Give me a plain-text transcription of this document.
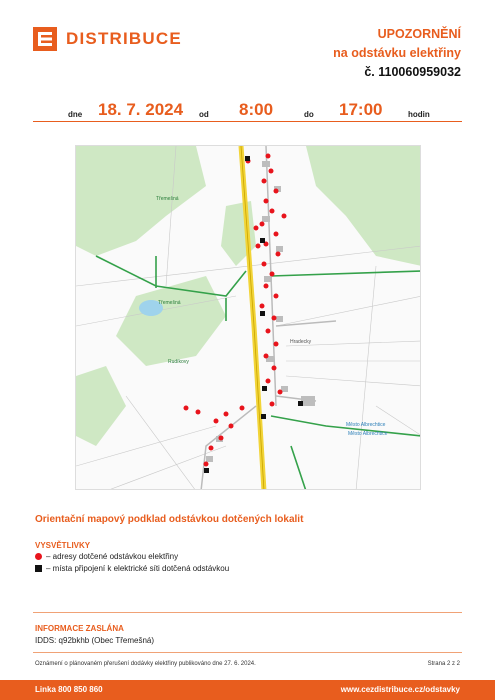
DISTRIBUCE	UPOZORNĚNÍ
na odstávku elektřiny
č. 110060959032
dne 18. 7. 2024 od 8:00	do 17:00	hodin
Třemešná
Třemešná
Rudíkovy
Hradecky
Město Albrechtice
Město Albrechtice
Orientační mapový podklad odstávkou dotčených lokalit
VYSVĚTLIVKY
– adresy dotčené odstávkou elektřiny
– místa připojení k elektrické síti dotčená odstávkou
INFORMACE ZASLÁNA
IDDS: q92bkhb (Obec Třemešná)
Oznámení o plánovaném přerušení dodávky elektřiny publikováno dne 27. 6. 2024.	Strana 2 z 2
Linka 800 850 860	www.cezdistribuce.cz/odstavky
